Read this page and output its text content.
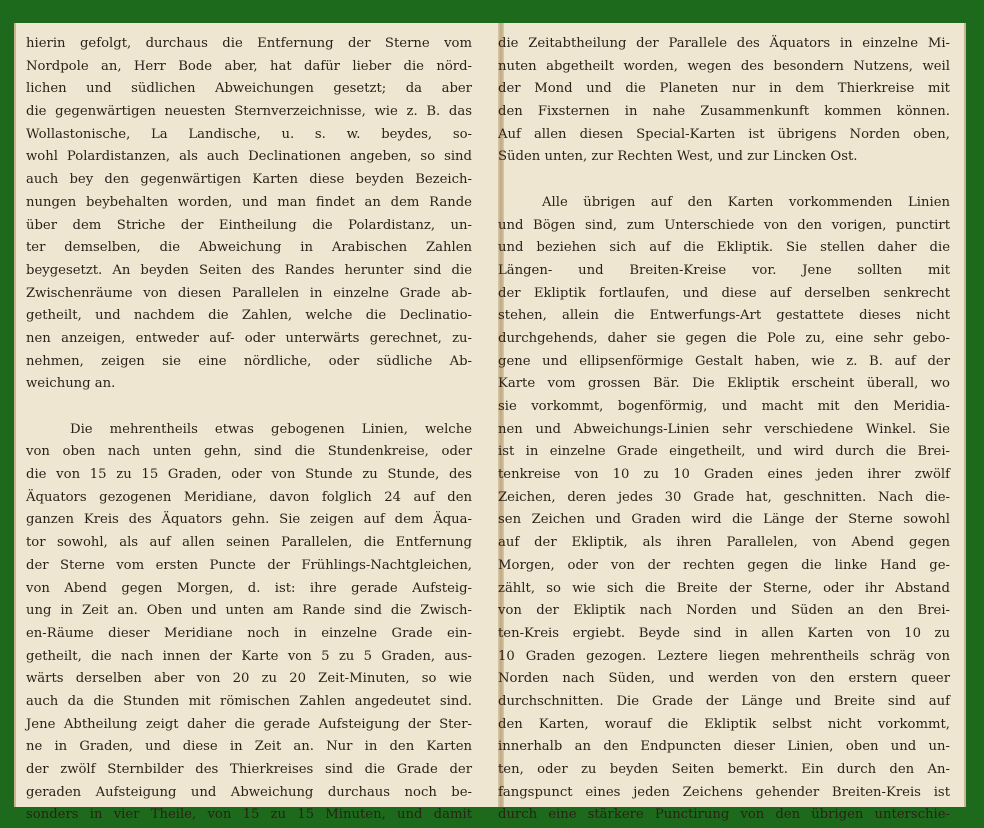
hierin gefolgt, durchaus die Entfernung der Sterne vom
Nordpole an, Herr Bode aber, hat dafür lieber die nörd-
lichen und südlichen Abweichungen gesetzt; da aber
die gegenwärtigen neuesten Sternverzeichnisse, wie z. B. das
Wollastonische, La Landische, u. s. w. beydes, so-
wohl Polardistanzen, als auch Declinationen angeben, so sind
auch bey den gegenwärtigen Karten diese beyden Bezeich-
nungen beybehalten worden, und man findet an dem Rande
über dem Striche der Eintheilung die Polardistanz, un-
ter demselben, die Abweichung in Arabischen Zahlen
beygesetzt. An beyden Seiten des Randes herunter sind die
Zwischenräume von diesen Parallelen in einzelne Grade ab-
getheilt, und nachdem die Zahlen, welche die Declinatio-
nen anzeigen, entweder auf- oder unterwärts gerechnet, zu-
nehmen, zeigen sie eine nördliche, oder südliche Ab-
weichung an.
Die mehrentheils etwas gebogenen Linien, welche
von oben nach unten gehn, sind die Stundenkreise, oder
die von 15 zu 15 Graden, oder von Stunde zu Stunde, des
Äquators gezogenen Meridiane, davon folglich 24 auf den
ganzen Kreis des Äquators gehn. Sie zeigen auf dem Äqua-
tor sowohl, als auf allen seinen Parallelen, die Entfernung
der Sterne vom ersten Puncte der Frühlings-Nachtgleichen,
von Abend gegen Morgen, d. ist: ihre gerade Aufsteig-
ung in Zeit an. Oben und unten am Rande sind die Zwisch-
en-Räume dieser Meridiane noch in einzelne Grade ein-
getheilt, die nach innen der Karte von 5 zu 5 Graden, aus-
wärts derselben aber von 20 zu 20 Zeit-Minuten, so wie
auch da die Stunden mit römischen Zahlen angedeutet sind.
Jene Abtheilung zeigt daher die gerade Aufsteigung der Ster-
ne in Graden, und diese in Zeit an. Nur in den Karten
der zwölf Sternbilder des Thierkreises sind die Grade der
geraden Aufsteigung und Abweichung durchaus noch be-
sonders in vier Theile, von 15 zu 15 Minuten, und damit
die Zeitabtheilung der Parallele des Äquators in einzelne Mi-
nuten abgetheilt worden, wegen des besondern Nutzens, weil
der Mond und die Planeten nur in dem Thierkreise mit
den Fixsternen in nahe Zusammenkunft kommen können.
Auf allen diesen Special-Karten ist übrigens Norden oben,
Süden unten, zur Rechten West, und zur Lincken Ost.
Alle übrigen auf den Karten vorkommenden Linien
und Bögen sind, zum Unterschiede von den vorigen, punctirt
und beziehen sich auf die Ekliptik. Sie stellen daher die
Längen- und Breiten-Kreise vor. Jene sollten mit
der Ekliptik fortlaufen, und diese auf derselben senkrecht
stehen, allein die Entwerfungs-Art gestattete dieses nicht
durchgehends, daher sie gegen die Pole zu, eine sehr gebo-
gene und ellipsenförmige Gestalt haben, wie z. B. auf der
Karte vom grossen Bär. Die Ekliptik erscheint überall, wo
sie vorkommt, bogenförmig, und macht mit den Meridia-
nen und Abweichungs-Linien sehr verschiedene Winkel. Sie
ist in einzelne Grade eingetheilt, und wird durch die Brei-
tenkreise von 10 zu 10 Graden eines jeden ihrer zwölf
Zeichen, deren jedes 30 Grade hat, geschnitten. Nach die-
sen Zeichen und Graden wird die Länge der Sterne sowohl
auf der Ekliptik, als ihren Parallelen, von Abend gegen
Morgen, oder von der rechten gegen die linke Hand ge-
zählt, so wie sich die Breite der Sterne, oder ihr Abstand
von der Ekliptik nach Norden und Süden an den Brei-
ten-Kreis ergiebt. Beyde sind in allen Karten von 10 zu
10 Graden gezogen. Leztere liegen mehrentheils schräg von
Norden nach Süden, und werden von den erstern queer
durchschnitten. Die Grade der Länge und Breite sind auf
den Karten, worauf die Ekliptik selbst nicht vorkommt,
innerhalb an den Endpuncten dieser Linien, oben und un-
ten, oder zu beyden Seiten bemerkt. Ein durch den An-
fangspunct eines jeden Zeichens gehender Breiten-Kreis ist
durch eine stärkere Punctirung von den übrigen unterschie-
